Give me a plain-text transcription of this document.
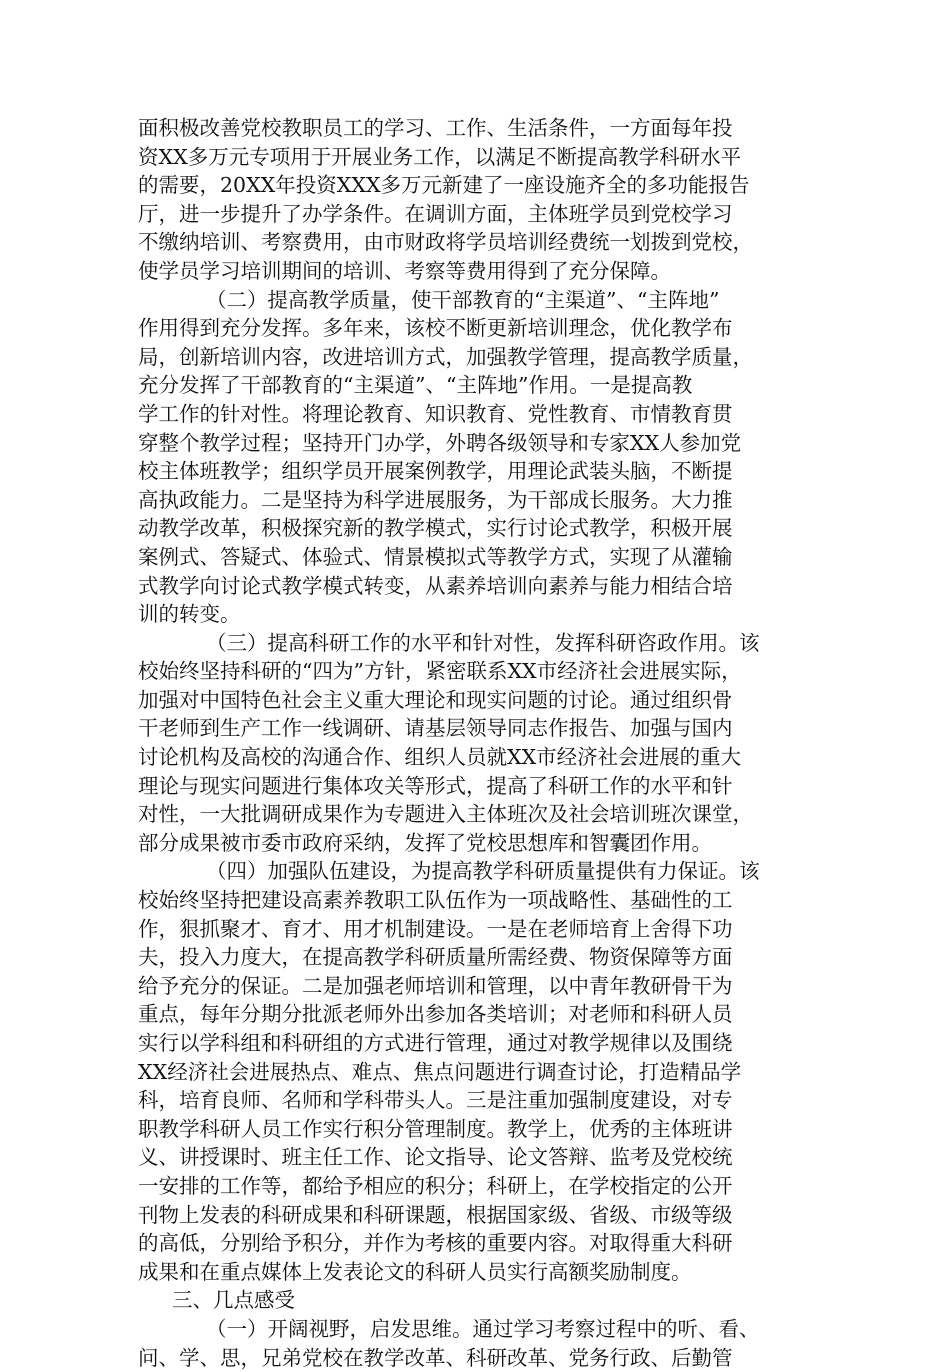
面积极改善党校教职员工的学习、工作、生活条件，一方面每年投
资XX多万元专项用于开展业务工作，以满足不断提高教学科研水平
的需要，20XX年投资XXX多万元新建了一座设施齐全的多功能报告
厅，进一步提升了办学条件。在调训方面，主体班学员到党校学习
不缴纳培训、考察费用，由市财政将学员培训经费统一划拨到党校，
使学员学习培训期间的培训、考察等费用得到了充分保障。
（二）提高教学质量，使干部教育的“主渠道”、“主阵地”
作用得到充分发挥。多年来，该校不断更新培训理念，优化教学布
局，创新培训内容，改进培训方式，加强教学管理，提高教学质量，
充分发挥了干部教育的“主渠道”、“主阵地”作用。一是提高教
学工作的针对性。将理论教育、知识教育、党性教育、市情教育贯
穿整个教学过程；坚持开门办学，外聘各级领导和专家XX人参加党
校主体班教学；组织学员开展案例教学，用理论武装头脑，不断提
高执政能力。二是坚持为科学进展服务，为干部成长服务。大力推
动教学改革，积极探究新的教学模式，实行讨论式教学，积极开展
案例式、答疑式、体验式、情景模拟式等教学方式，实现了从灌输
式教学向讨论式教学模式转变，从素养培训向素养与能力相结合培
训的转变。
（三）提高科研工作的水平和针对性，发挥科研咨政作用。该
校始终坚持科研的“四为”方针，紧密联系XX市经济社会进展实际，
加强对中国特色社会主义重大理论和现实问题的讨论。通过组织骨
干老师到生产工作一线调研、请基层领导同志作报告、加强与国内
讨论机构及高校的沟通合作、组织人员就XX市经济社会进展的重大
理论与现实问题进行集体攻关等形式，提高了科研工作的水平和针
对性，一大批调研成果作为专题进入主体班次及社会培训班次课堂，
部分成果被市委市政府采纳，发挥了党校思想库和智囊团作用。
（四）加强队伍建设，为提高教学科研质量提供有力保证。该
校始终坚持把建设高素养教职工队伍作为一项战略性、基础性的工
作，狠抓聚才、育才、用才机制建设。一是在老师培育上舍得下功
夫，投入力度大，在提高教学科研质量所需经费、物资保障等方面
给予充分的保证。二是加强老师培训和管理，以中青年教研骨干为
重点，每年分期分批派老师外出参加各类培训；对老师和科研人员
实行以学科组和科研组的方式进行管理，通过对教学规律以及围绕
XX经济社会进展热点、难点、焦点问题进行调查讨论，打造精品学
科，培育良师、名师和学科带头人。三是注重加强制度建设，对专
职教学科研人员工作实行积分管理制度。教学上，优秀的主体班讲
义、讲授课时、班主任工作、论文指导、论文答辩、监考及党校统
一安排的工作等，都给予相应的积分；科研上，在学校指定的公开
刊物上发表的科研成果和科研课题，根据国家级、省级、市级等级
的高低，分别给予积分，并作为考核的重要内容。对取得重大科研
成果和在重点媒体上发表论文的科研人员实行高额奖励制度。
三、几点感受
（一）开阔视野，启发思维。通过学习考察过程中的听、看、
问、学、思，兄弟党校在教学改革、科研改革、党务行政、后勤管
